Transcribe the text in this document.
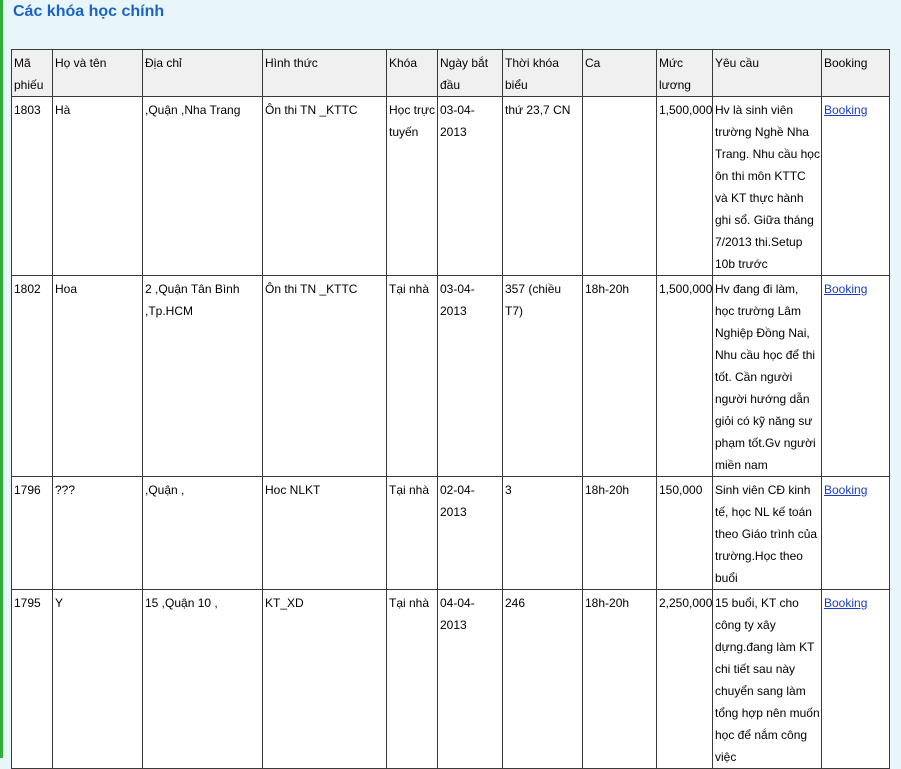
Các khóa học chính
Mã phiếu	Họ và tên	Địa chỉ	Hình thức	Khóa	Ngày bắt đầu	Thời khóa biểu	Ca	Mức lương	Yêu cầu	Booking
1803	Hà	,Quận ,Nha Trang	Ôn thi TN _KTTC	Học trực tuyến	03-04-2013	thứ 23,7 CN		1,500,000	Hv là sinh viên trường Nghề Nha Trang. Nhu cầu học ôn thi môn KTTC và KT thực hành ghi sổ. Giữa tháng 7/2013 thi.Setup 10b trước	Booking
1802	Hoa	2 ,Quận Tân Bình ,Tp.HCM	Ôn thi TN _KTTC	Tại nhà	03-04-2013	357 (chiều T7)	18h-20h	1,500,000	Hv đang đi làm, học trường Lâm Nghiệp Đồng Nai, Nhu cầu học để thi tốt. Cần người người hướng dẫn giỏi có kỹ năng sư phạm tốt.Gv người miền nam	Booking
1796	???	,Quận ,	Hoc NLKT	Tại nhà	02-04-2013	3	18h-20h	150,000	Sinh viên CĐ kinh tế, học NL kế toán theo Giáo trình của trường.Học theo buổi	Booking
1795	Y	15 ,Quận 10 ,	KT_XD	Tại nhà	04-04-2013	246	18h-20h	2,250,000	15 buổi, KT cho công ty xây dựng.đang làm KT chi tiết sau này chuyển sang làm tổng hợp nên muốn học để nắm công việc	Booking
